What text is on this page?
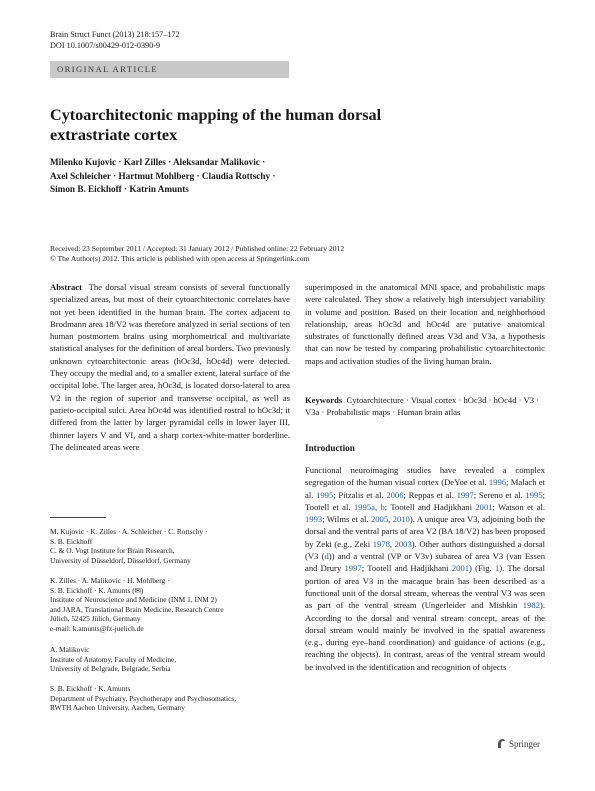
Brain Struct Funct (2013) 218:157–172
DOI 10.1007/s00429-012-0390-9
ORIGINAL ARTICLE
Cytoarchitectonic mapping of the human dorsal
extrastriate cortex
Milenko Kujovic · Karl Zilles · Aleksandar Malikovic ·
Axel Schleicher · Hartmut Mohlberg · Claudia Rottschy ·
Simon B. Eickhoff · Katrin Amunts
Received: 23 September 2011 / Accepted: 31 January 2012 / Published online: 22 February 2012
© The Author(s) 2012. This article is published with open access at Springerlink.com
Abstract The dorsal visual stream consists of several functionally specialized areas, but most of their cytoarchitectonic correlates have not yet been identified in the human brain. The cortex adjacent to Brodmann area 18/V2 was therefore analyzed in serial sections of ten human postmortem brains using morphometrical and multivariate statistical analyses for the definition of areal borders. Two previously unknown cytoarchitectonic areas (hOc3d, hOc4d) were detected. They occupy the medial and, to a smaller extent, lateral surface of the occipital lobe. The larger area, hOc3d, is located dorso-lateral to area V2 in the region of superior and transverse occipital, as well as parieto-occipital sulci. Area hOc4d was identified rostral to hOc3d; it differed from the latter by larger pyramidal cells in lower layer III, thinner layers V and VI, and a sharp cortex-white-matter borderline. The delineated areas were
superimposed in the anatomical MNI space, and probabilistic maps were calculated. They show a relatively high intersubject variability in volume and position. Based on their location and neighborhood relationship, areas hOc3d and hOc4d are putative anatomical substrates of functionally defined areas V3d and V3a, a hypothesis that can now be tested by comparing probabilistic cytoarchitectonic maps and activation studies of the living human brain.
Keywords Cytoarchitecture · Visual cortex · hOc3d · hOc4d · V3 · V3a · Probabilistic maps · Human brain atlas
Introduction
Functional neuroimaging studies have revealed a complex segregation of the human visual cortex (DeYoe et al. 1996; Malach et al. 1995; Pitzalis et al. 2006; Reppas et al. 1997; Sereno et al. 1995; Tootell et al. 1995a, b; Tootell and Hadjikhani 2001; Watson et al. 1993; Wilms et al. 2005, 2010). A unique area V3, adjoining both the dorsal and the ventral parts of area V2 (BA 18/V2) has been proposed by Zeki (e.g., Zeki 1978, 2003). Other authors distinguished a dorsal (V3 (d)) and a ventral (VP or V3v) subarea of area V3 (van Essen and Drury 1997; Tootell and Hadjikhani 2001) (Fig. 1). The dorsal portion of area V3 in the macaque brain has been described as a functional unit of the dorsal stream, whereas the ventral V3 was seen as part of the ventral stream (Ungerleider and Mishkin 1982). According to the dorsal and ventral stream concept, areas of the dorsal stream would mainly be involved in the spatial awareness (e.g., during eye–hand coordination) and guidance of actions (e.g., reaching the objects). In contrast, areas of the ventral stream would be involved in the identification and recognition of objects
M. Kujovic · K. Zilles · A. Schleicher · C. Rottschy ·
S. B. Eickhoff
C. & O. Vogt Institute for Brain Research,
University of Düsseldorf, Düsseldorf, Germany
K. Zilles · A. Malikovic · H. Mohlberg ·
S. B. Eickhoff · K. Amunts (✉)
Institute of Neuroscience and Medicine (INM 1, INM 2)
and JARA, Translational Brain Medicine, Research Centre
Jülich, 52425 Jülich, Germany
e-mail: k.amunts@fz-juelich.de
A. Malikovic
Institute of Anatomy, Faculty of Medicine,
University of Belgrade, Belgrade, Serbia
S. B. Eickhoff · K. Amunts
Department of Psychiatry, Psychotherapy and Psychosomatics,
RWTH Aachen University, Aachen, Germany
Springer
